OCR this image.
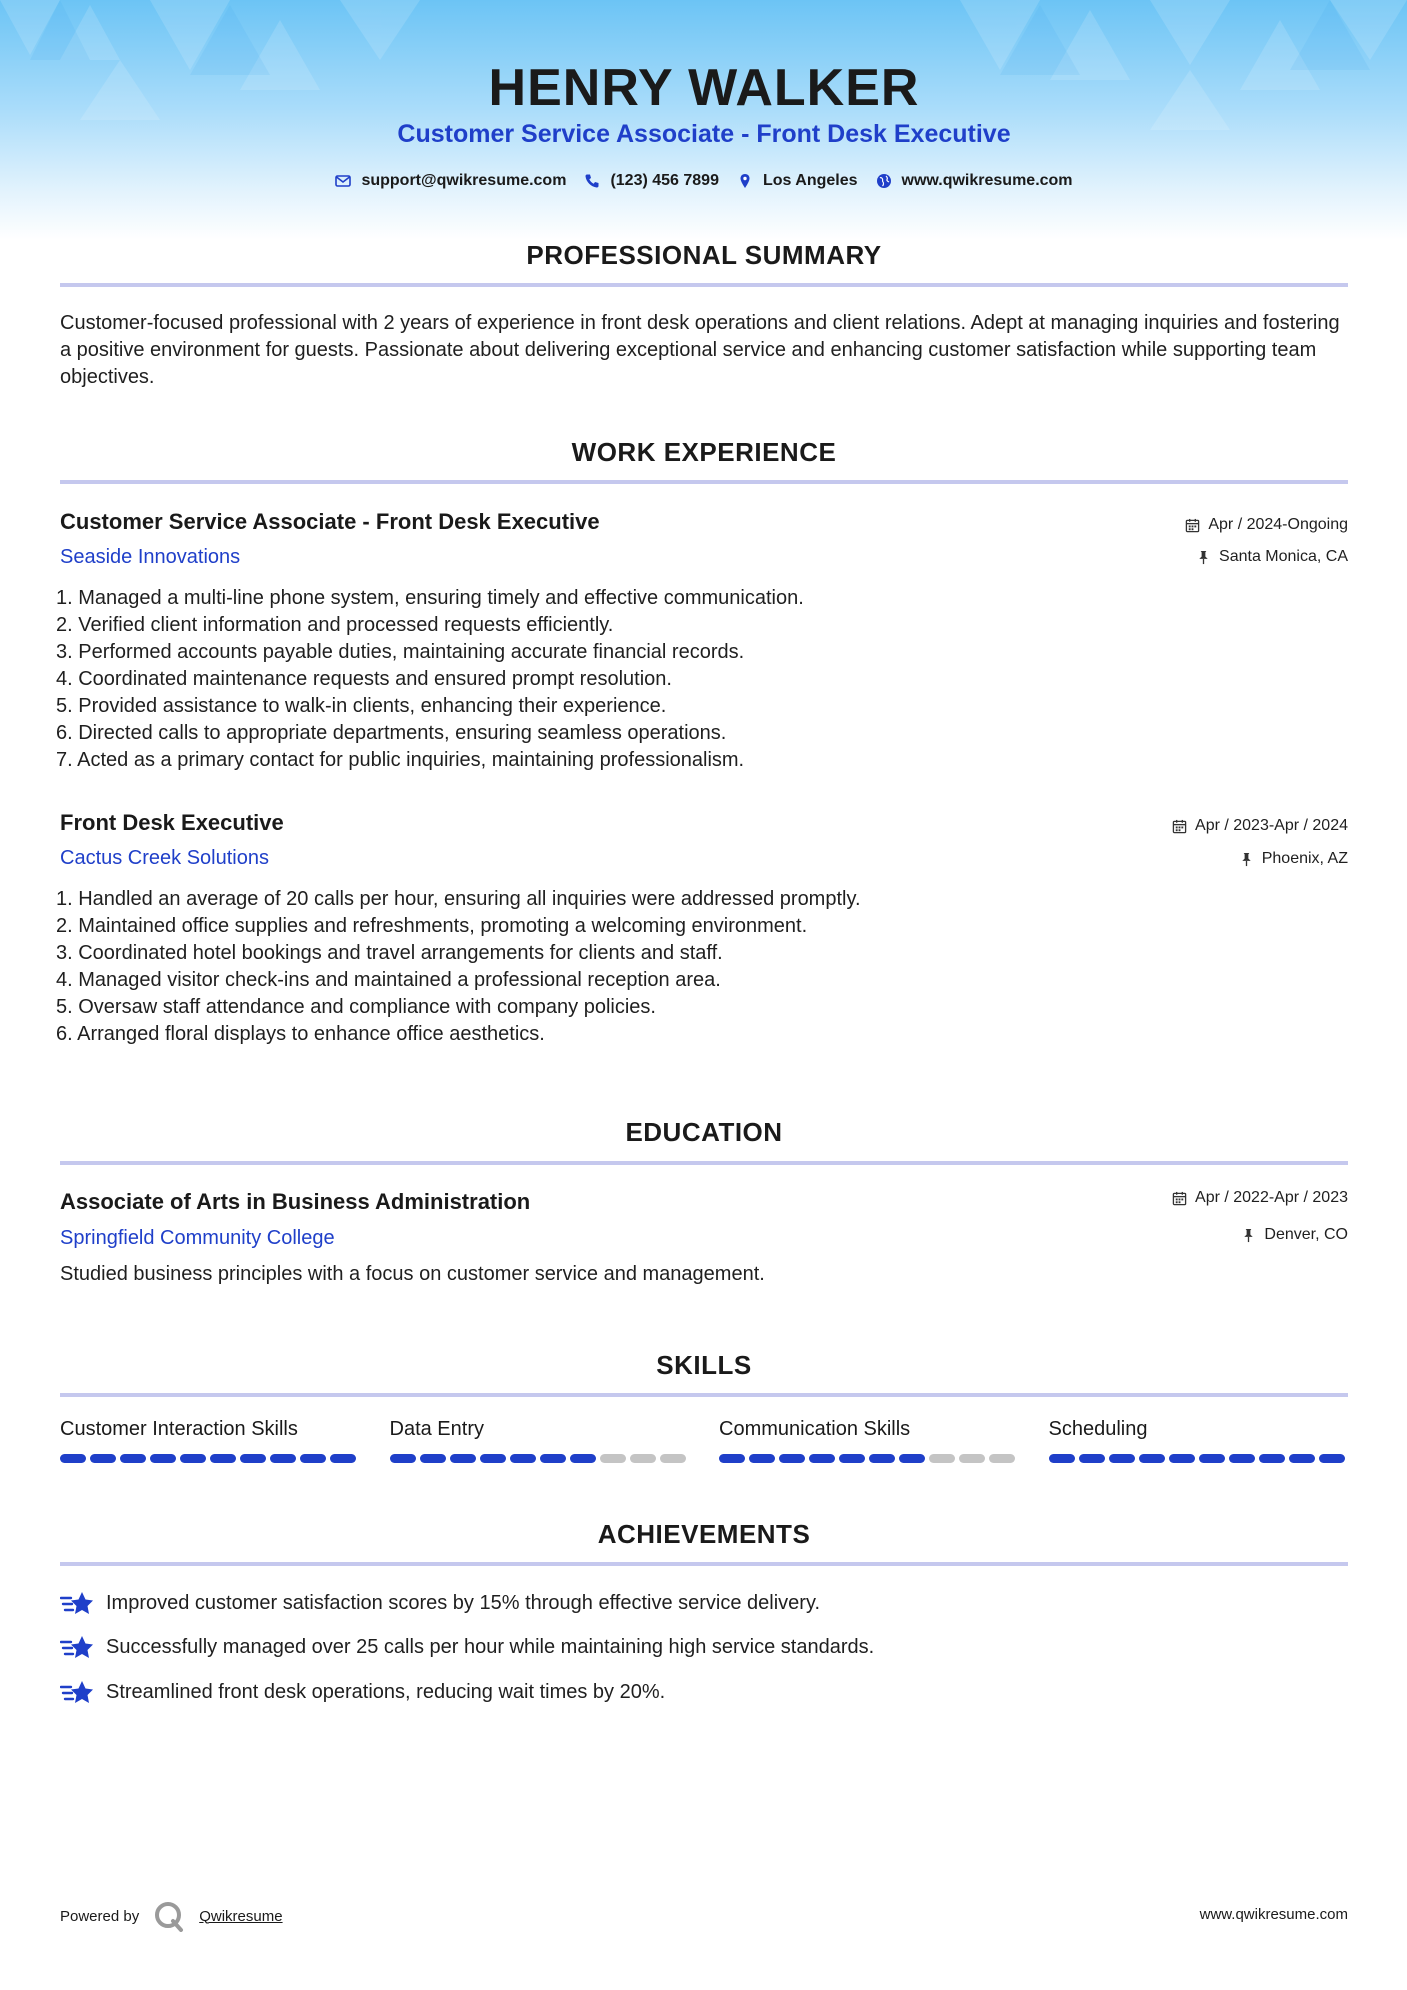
HENRY WALKER
Customer Service Associate - Front Desk Executive
support@qwikresume.com	(123) 456 7899	Los Angeles	www.qwikresume.com
PROFESSIONAL SUMMARY

Customer-focused professional with 2 years of experience in front desk operations and client relations. Adept at managing inquiries and fostering a positive environment for guests. Passionate about delivering exceptional service and enhancing customer satisfaction while supporting team objectives.

WORK EXPERIENCE
Customer Service Associate - Front Desk Executive
Seaside Innovations
Apr / 2024-Ongoing
Santa Monica, CA
1. Managed a multi-line phone system, ensuring timely and effective communication.
2. Verified client information and processed requests efficiently.
3. Performed accounts payable duties, maintaining accurate financial records.
4. Coordinated maintenance requests and ensured prompt resolution.
5. Provided assistance to walk-in clients, enhancing their experience.
6. Directed calls to appropriate departments, ensuring seamless operations.
7. Acted as a primary contact for public inquiries, maintaining professionalism.
Front Desk Executive
Cactus Creek Solutions
Apr / 2023-Apr / 2024
Phoenix, AZ
1. Handled an average of 20 calls per hour, ensuring all inquiries were addressed promptly.
2. Maintained office supplies and refreshments, promoting a welcoming environment.
3. Coordinated hotel bookings and travel arrangements for clients and staff.
4. Managed visitor check-ins and maintained a professional reception area.
5. Oversaw staff attendance and compliance with company policies.
6. Arranged floral displays to enhance office aesthetics.
EDUCATION
Associate of Arts in Business Administration
Springfield Community College
Apr / 2022-Apr / 2023
Denver, CO
Studied business principles with a focus on customer service and management.
SKILLS
Customer Interaction Skills	Data Entry	Communication Skills	Scheduling
ACHIEVEMENTS
Improved customer satisfaction scores by 15% through effective service delivery.
Successfully managed over 25 calls per hour while maintaining high service standards.
Streamlined front desk operations, reducing wait times by 20%.
Powered by	Qwikresume	www.qwikresume.com
